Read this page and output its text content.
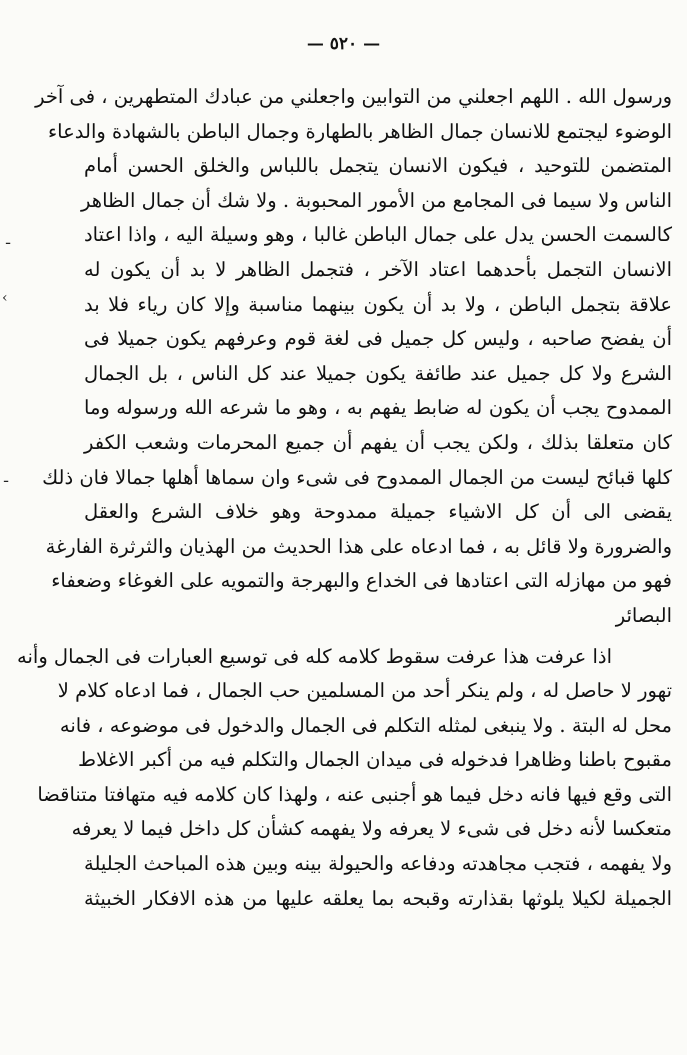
— ٥٢٠ —
ـ
‹
ـ
ورسول الله . اللهم اجعلني من التوابين واجعلني من عبادك المتطهرين ، فى آخر
الوضوء ليجتمع للانسان جمال الظاهر بالطهارة وجمال الباطن بالشهادة والدعاء
المتضمن للتوحيد ، فيكون الانسان يتجمل باللباس والخلق الحسن أمام
الناس ولا سيما فى المجامع من الأمور المحبوبة . ولا شك أن جمال الظاهر
كالسمت الحسن يدل على جمال الباطن غالبا ، وهو وسيلة اليه ، واذا اعتاد
الانسان التجمل بأحدهما اعتاد الآخر ، فتجمل الظاهر لا بد أن يكون له
علاقة بتجمل الباطن ، ولا بد أن يكون بينهما مناسبة وإلا كان رياء فلا بد
أن يفضح صاحبه ، وليس كل جميل فى لغة قوم وعرفهم يكون جميلا فى
الشرع ولا كل جميل عند طائفة يكون جميلا عند كل الناس ، بل الجمال
الممدوح يجب أن يكون له ضابط يفهم به ، وهو ما شرعه الله ورسوله وما
كان متعلقا بذلك ، ولكن يجب أن يفهم أن جميع المحرمات وشعب الكفر
كلها قبائح ليست من الجمال الممدوح فى شىء وان سماها أهلها جمالا فان ذلك
يقضى الى أن كل الاشياء جميلة ممدوحة وهو خلاف الشرع والعقل
والضرورة ولا قائل به ، فما ادعاه على هذا الحديث من الهذيان والثرثرة الفارغة
فهو من مهازله التى اعتادها فى الخداع والبهرجة والتمويه على الغوغاء وضعفاء
البصائر
اذا عرفت هذا عرفت سقوط كلامه كله فى توسيع العبارات فى الجمال وأنه
تهور لا حاصل له ، ولم ينكر أحد من المسلمين حب الجمال ، فما ادعاه كلام لا
محل له البتة . ولا ينبغى لمثله التكلم فى الجمال والدخول فى موضوعه ، فانه
مقبوح باطنا وظاهرا فدخوله فى ميدان الجمال والتكلم فيه من أكبر الاغلاط
التى وقع فيها فانه دخل فيما هو أجنبى عنه ، ولهذا كان كلامه فيه متهافتا متناقضا
متعكسا لأنه دخل فى شىء لا يعرفه ولا يفهمه كشأن كل داخل فيما لا يعرفه
ولا يفهمه ، فتجب مجاهدته ودفاعه والحيولة بينه وبين هذه المباحث الجليلة
الجميلة لكيلا يلوثها بقذارته وقبحه بما يعلقه عليها من هذه الافكار الخبيثة
